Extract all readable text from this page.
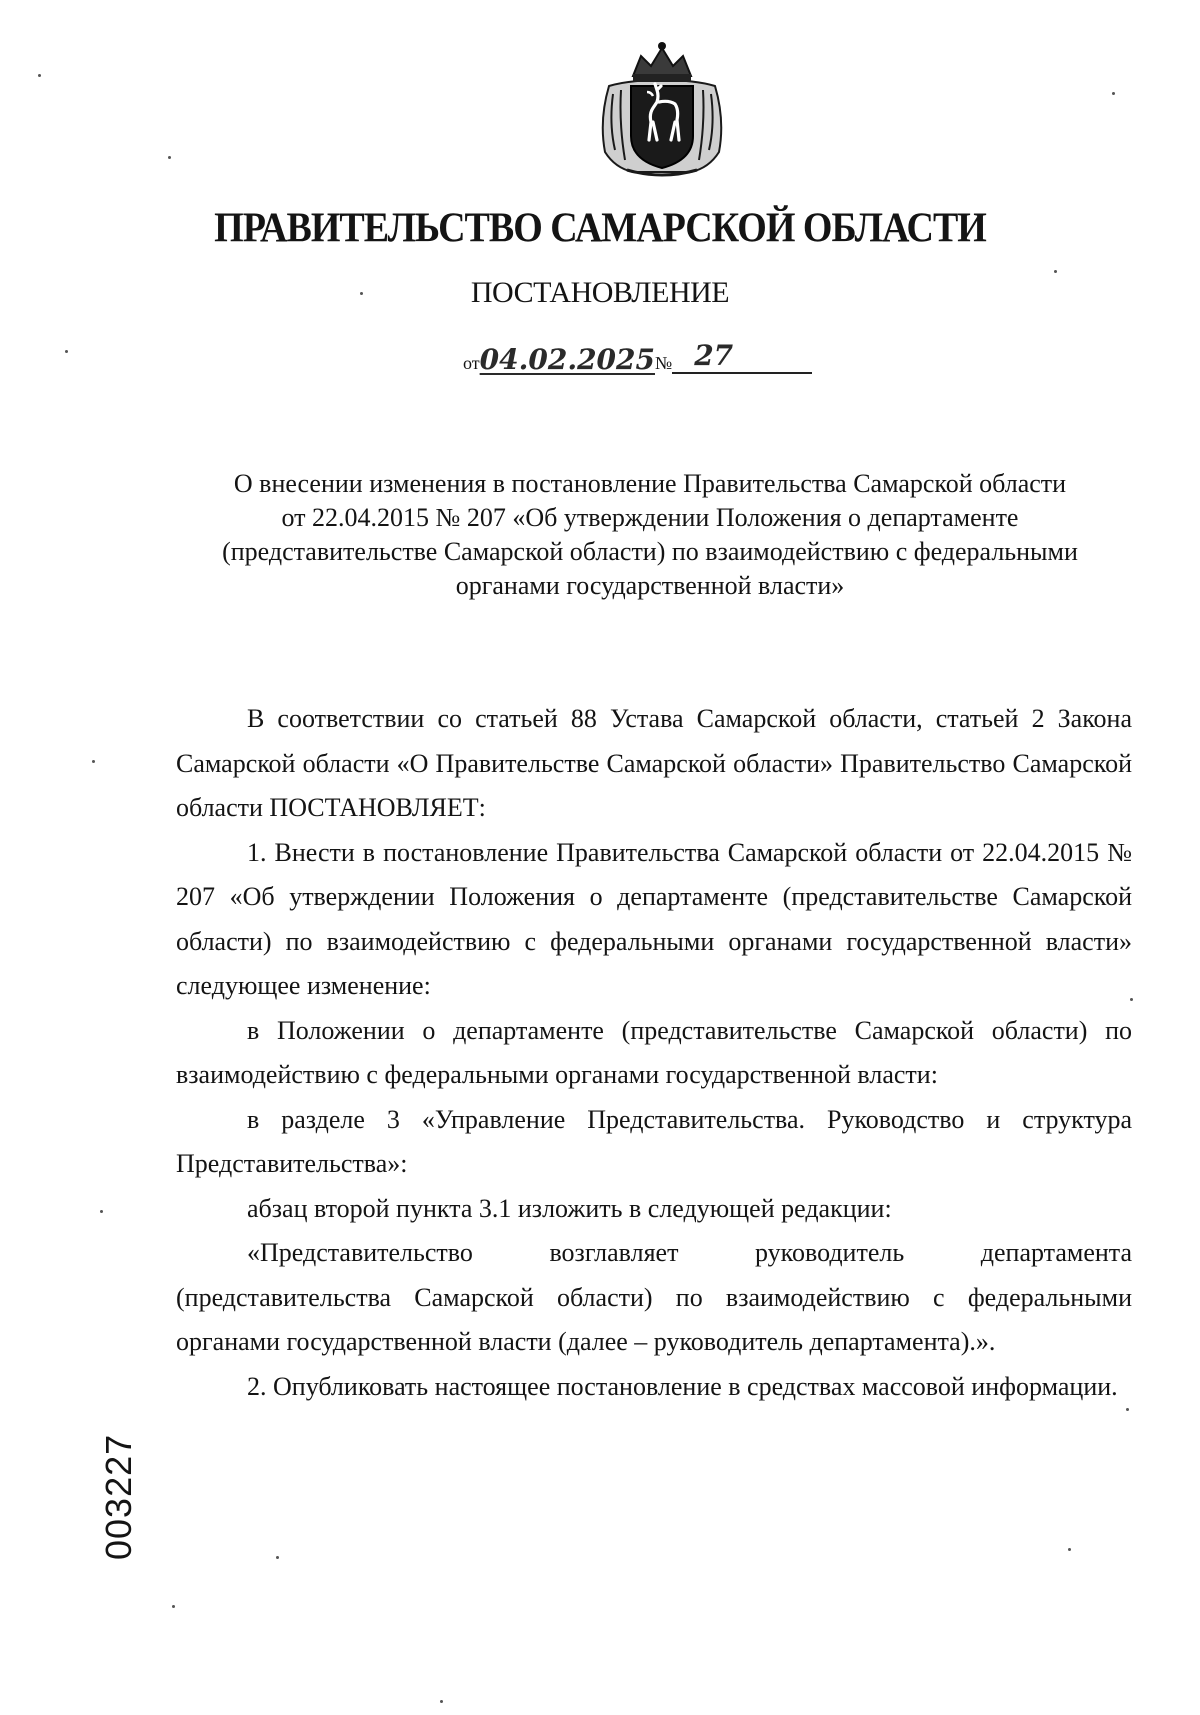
ПРАВИТЕЛЬСТВО САМАРСКОЙ ОБЛАСТИ
ПОСТАНОВЛЕНИЕ
от 04.02.2025 № 27
О внесении изменения в постановление Правительства Самарской области
от 22.04.2015 № 207 «Об утверждении Положения о департаменте
(представительстве Самарской области) по взаимодействию с федеральными
органами государственной власти»

В соответствии со статьей 88 Устава Самарской области, статьей 2 Закона Самарской области «О Правительстве Самарской области» Правительство Самарской области ПОСТАНОВЛЯЕТ:

1. Внести в постановление Правительства Самарской области от 22.04.2015 № 207 «Об утверждении Положения о департаменте (представительстве Самарской области) по взаимодействию с федеральными органами государственной власти» следующее изменение:

в Положении о департаменте (представительстве Самарской области) по взаимодействию с федеральными органами государственной власти:

в разделе 3 «Управление Представительства. Руководство и структура Представительства»:

абзац второй пункта 3.1 изложить в следующей редакции:

«Представительство возглавляет руководитель департамента (представительства Самарской области) по взаимодействию с федеральными органами государственной власти (далее – руководитель департамента).».

2. Опубликовать настоящее постановление в средствах массовой информации.

003227
